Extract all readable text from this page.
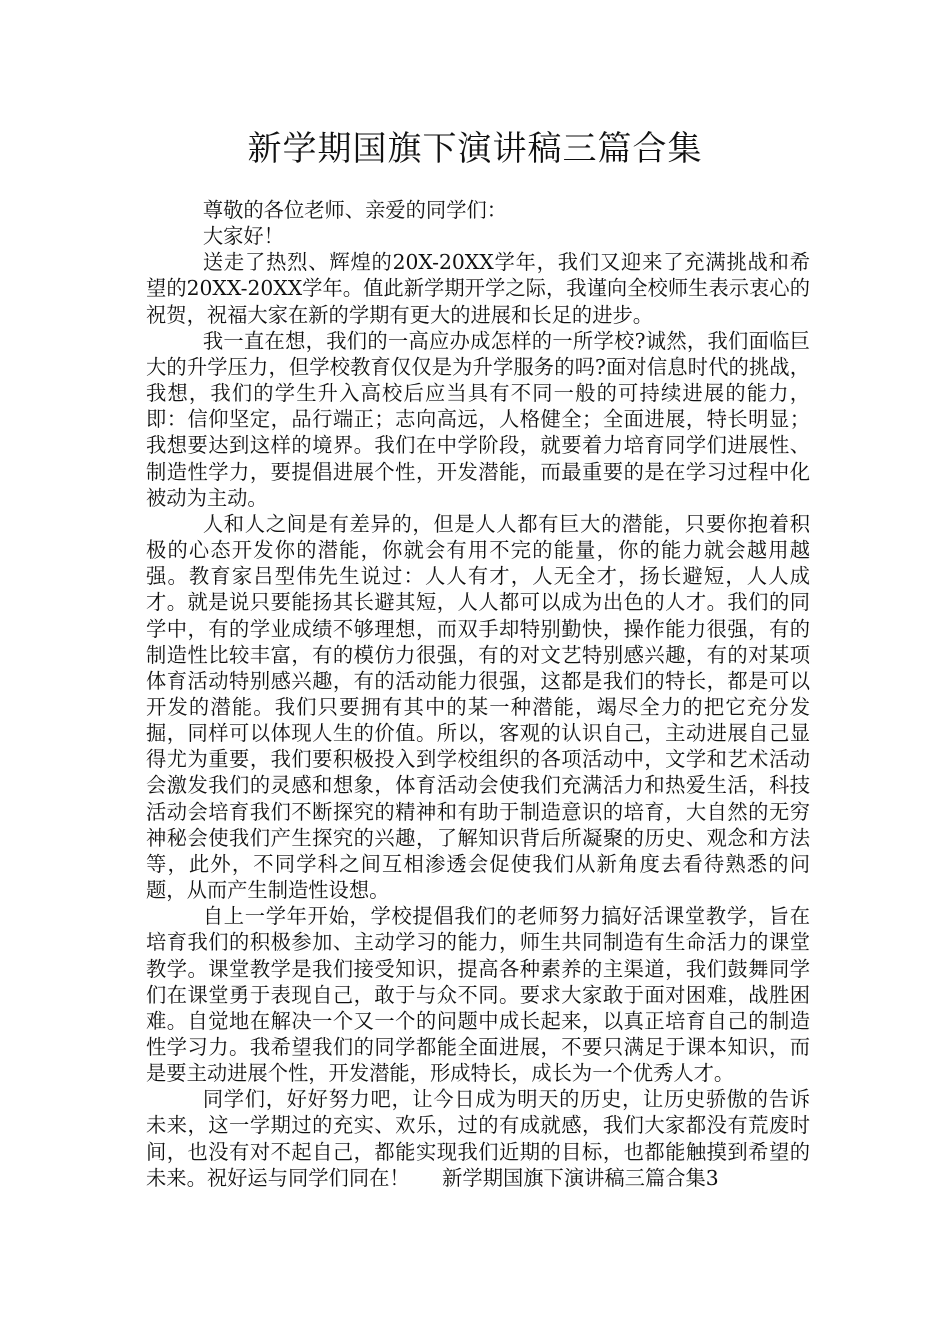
新学期国旗下演讲稿三篇合集

尊敬的各位老师、亲爱的同学们：

大家好！

送走了热烈、辉煌的20X-20XX学年，我们又迎来了充满挑战和希望的20XX-20XX学年。值此新学期开学之际，我谨向全校师生表示衷心的祝贺，祝福大家在新的学期有更大的进展和长足的进步。

我一直在想，我们的一高应办成怎样的一所学校?诚然，我们面临巨大的升学压力，但学校教育仅仅是为升学服务的吗?面对信息时代的挑战，我想，我们的学生升入高校后应当具有不同一般的可持续进展的能力，即：信仰坚定，品行端正；志向高远，人格健全；全面进展，特长明显；我想要达到这样的境界。我们在中学阶段，就要着力培育同学们进展性、制造性学力，要提倡进展个性，开发潜能，而最重要的是在学习过程中化被动为主动。

人和人之间是有差异的，但是人人都有巨大的潜能，只要你抱着积极的心态开发你的潜能，你就会有用不完的能量，你的能力就会越用越强。教育家吕型伟先生说过：人人有才，人无全才，扬长避短，人人成才。就是说只要能扬其长避其短，人人都可以成为出色的人才。我们的同学中，有的学业成绩不够理想，而双手却特别勤快，操作能力很强，有的制造性比较丰富，有的模仿力很强，有的对文艺特别感兴趣，有的对某项体育活动特别感兴趣，有的活动能力很强，这都是我们的特长，都是可以开发的潜能。我们只要拥有其中的某一种潜能，竭尽全力的把它充分发掘，同样可以体现人生的价值。所以，客观的认识自己，主动进展自己显得尤为重要，我们要积极投入到学校组织的各项活动中，文学和艺术活动会激发我们的灵感和想象，体育活动会使我们充满活力和热爱生活，科技活动会培育我们不断探究的精神和有助于制造意识的培育，大自然的无穷神秘会使我们产生探究的兴趣，了解知识背后所凝聚的历史、观念和方法等，此外，不同学科之间互相渗透会促使我们从新角度去看待熟悉的问题，从而产生制造性设想。

自上一学年开始，学校提倡我们的老师努力搞好活课堂教学，旨在培育我们的积极参加、主动学习的能力，师生共同制造有生命活力的课堂教学。课堂教学是我们接受知识，提高各种素养的主渠道，我们鼓舞同学们在课堂勇于表现自己，敢于与众不同。要求大家敢于面对困难，战胜困难。自觉地在解决一个又一个的问题中成长起来，以真正培育自己的制造性学习力。我希望我们的同学都能全面进展，不要只满足于课本知识，而是要主动进展个性，开发潜能，形成特长，成长为一个优秀人才。

同学们，好好努力吧，让今日成为明天的历史，让历史骄傲的告诉未来，这一学期过的充实、欢乐，过的有成就感，我们大家都没有荒废时间，也没有对不起自己，都能实现我们近期的目标，也都能触摸到希望的未来。祝好运与同学们同在！ 新学期国旗下演讲稿三篇合集3
